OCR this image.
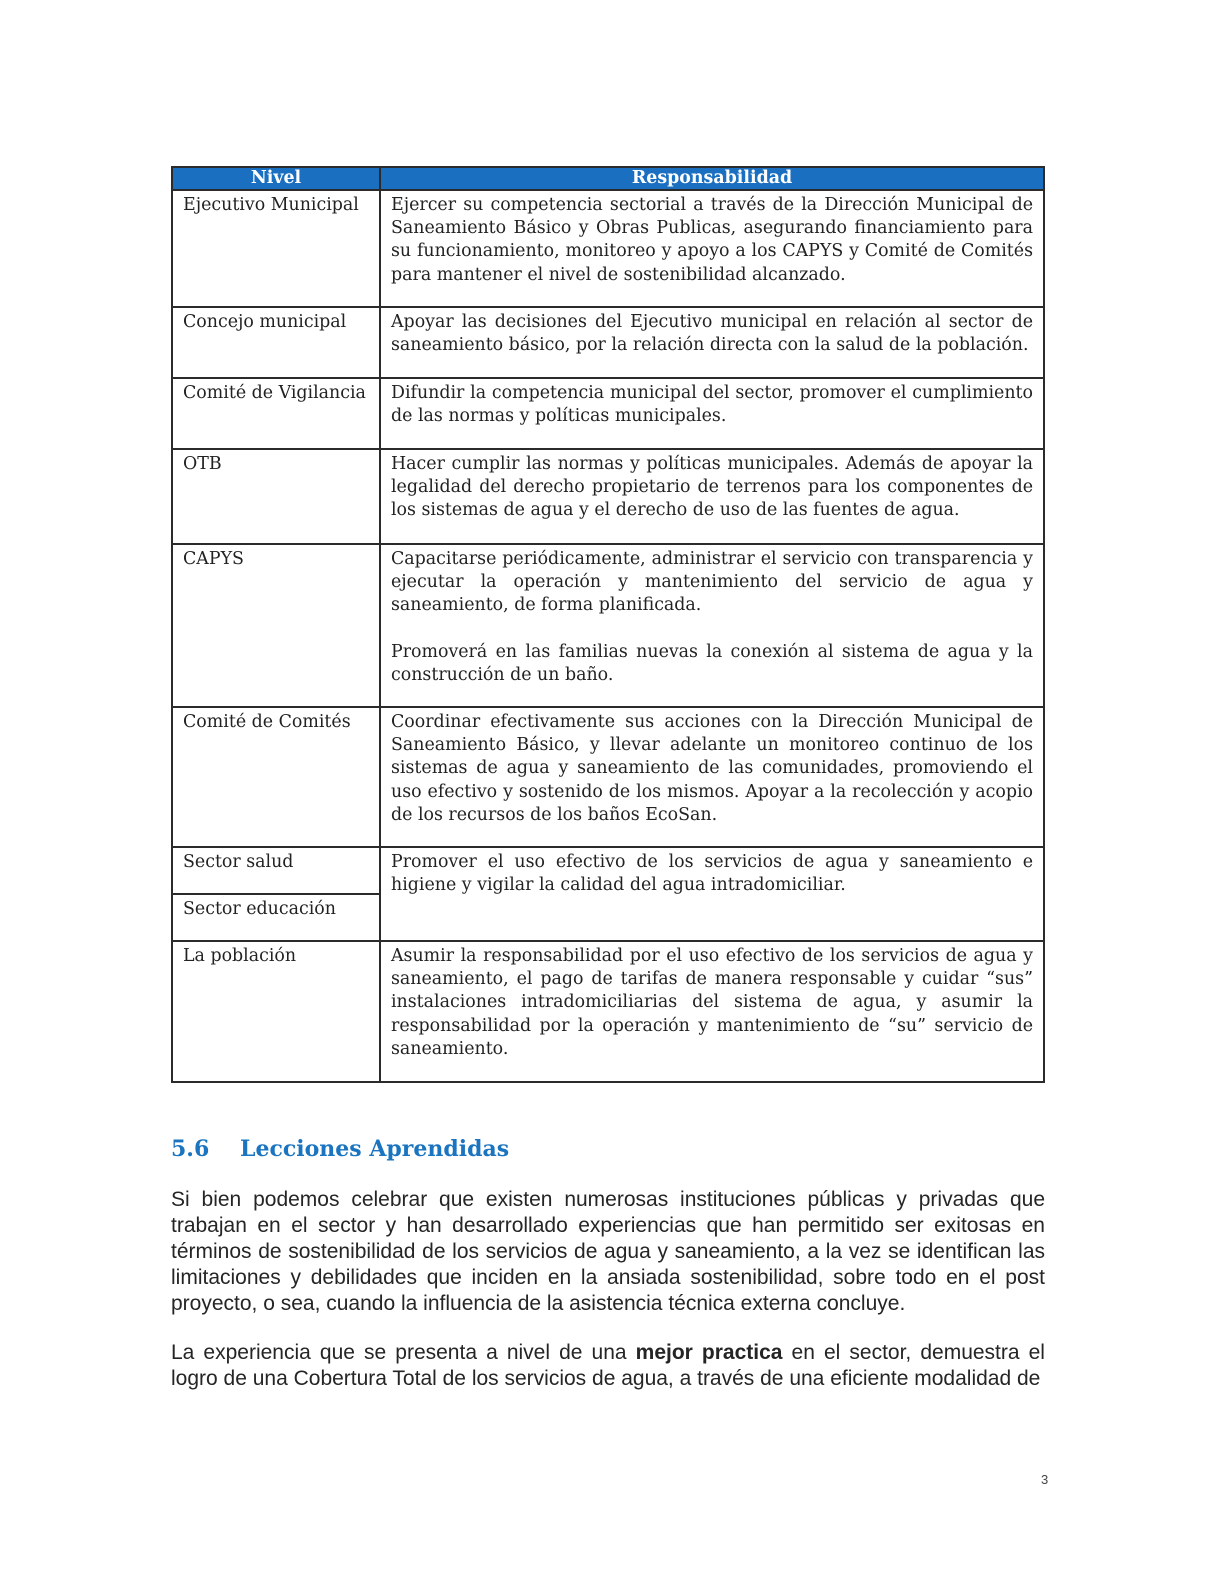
Nivel	Responsabilidad
Ejecutivo Municipal	Ejercer su competencia sectorial a través de la Dirección Municipal de Saneamiento Básico y Obras Publicas, asegurando financiamiento para su funcionamiento, monitoreo y apoyo a los CAPYS y Comité de Comités para mantener el nivel de sostenibilidad alcanzado.
Concejo municipal	Apoyar las decisiones del Ejecutivo municipal en relación al sector de saneamiento básico, por la relación directa con la salud de la población.
Comité de Vigilancia	Difundir la competencia municipal del sector, promover el cumplimiento de las normas y políticas municipales.
OTB	Hacer cumplir las normas y políticas municipales. Además de apoyar la legalidad del derecho propietario de terrenos para los componentes de los sistemas de agua y el derecho de uso de las fuentes de agua.
CAPYS	Capacitarse periódicamente, administrar el servicio con transparencia y ejecutar la operación y mantenimiento del servicio de agua y saneamiento, de forma planificada.
Promoverá en las familias nuevas la conexión al sistema de agua y la construcción de un baño.

Comité de Comités	Coordinar efectivamente sus acciones con la Dirección Municipal de Saneamiento Básico, y llevar adelante un monitoreo continuo de los sistemas de agua y saneamiento de las comunidades, promoviendo el uso efectivo y sostenido de los mismos. Apoyar a la recolección y acopio de los recursos de los baños EcoSan.
Sector salud	Promover el uso efectivo de los servicios de agua y saneamiento e higiene y vigilar la calidad del agua intradomiciliar.
Sector educación	
La población	Asumir la responsabilidad por el uso efectivo de los servicios de agua y saneamiento, el pago de tarifas de manera responsable y cuidar “sus” instalaciones intradomiciliarias del sistema de agua, y asumir la responsabilidad por la operación y mantenimiento de “su” servicio de saneamiento.
5.6 Lecciones Aprendidas

Si bien podemos celebrar que existen numerosas instituciones públicas y privadas que trabajan en el sector y han desarrollado experiencias que han permitido ser exitosas en términos de sostenibilidad de los servicios de agua y saneamiento, a la vez se identifican las limitaciones y debilidades que inciden en la ansiada sostenibilidad, sobre todo en el post proyecto, o sea, cuando la influencia de la asistencia técnica externa concluye.

La experiencia que se presenta a nivel de una mejor practica en el sector, demuestra el logro de una Cobertura Total de los servicios de agua, a través de una eficiente modalidad de

3
